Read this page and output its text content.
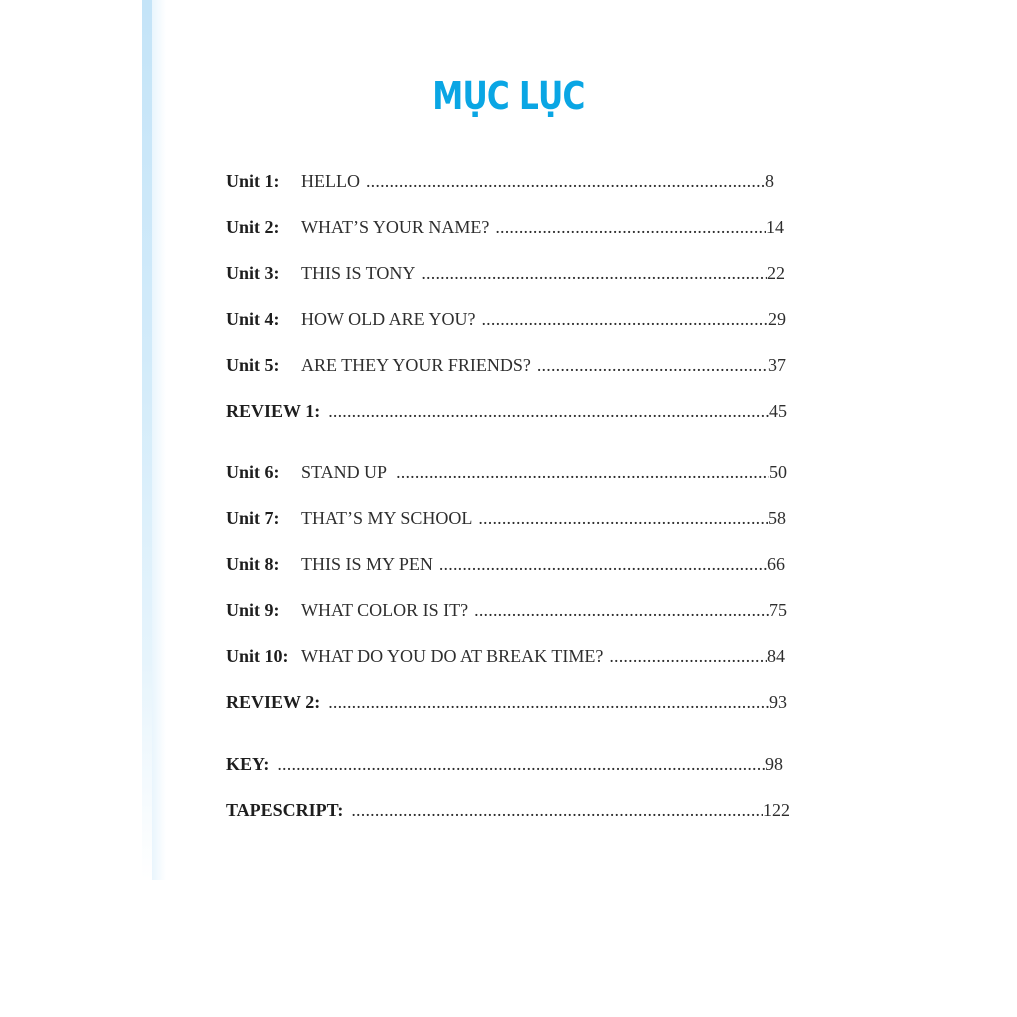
MỤC LỤC
Unit 1:	HELLO .....	8
Unit 2:	WHAT’S YOUR NAME? .....	14
Unit 3:	THIS IS TONY .....	22
Unit 4:	HOW OLD ARE YOU? .....	29
Unit 5:	ARE THEY YOUR FRIENDS? .....	37
REVIEW 1: .....	45
Unit 6:	STAND UP .....	50
Unit 7:	THAT’S MY SCHOOL .....	58
Unit 8:	THIS IS MY PEN .....	66
Unit 9:	WHAT COLOR IS IT? .....	75
Unit 10: WHAT DO YOU DO AT BREAK TIME? .....	84
REVIEW 2: .....	93
KEY: .....	98
TAPESCRIPT: .....	122
